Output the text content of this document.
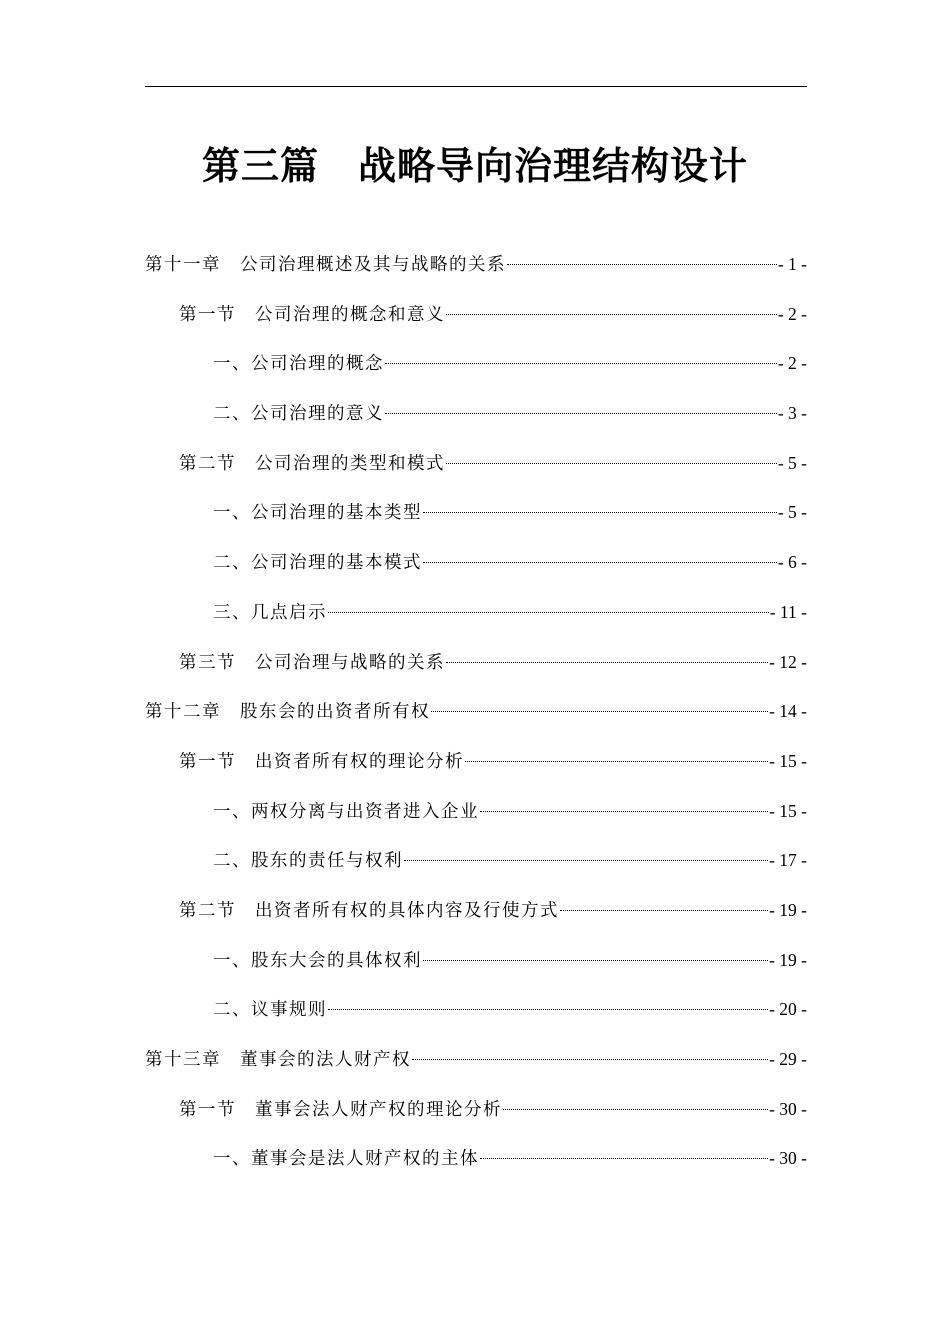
第三篇　战略导向治理结构设计
第十一章　公司治理概述及其与战略的关系	- 1 -
第一节　公司治理的概念和意义	- 2 -
一、公司治理的概念	- 2 -
二、公司治理的意义	- 3 -
第二节　公司治理的类型和模式	- 5 -
一、公司治理的基本类型	- 5 -
二、公司治理的基本模式	- 6 -
三、几点启示	- 11 -
第三节　公司治理与战略的关系	- 12 -
第十二章　股东会的出资者所有权	- 14 -
第一节　出资者所有权的理论分析	- 15 -
一、两权分离与出资者进入企业	- 15 -
二、股东的责任与权利	- 17 -
第二节　出资者所有权的具体内容及行使方式	- 19 -
一、股东大会的具体权利	- 19 -
二、议事规则	- 20 -
第十三章　董事会的法人财产权	- 29 -
第一节　董事会法人财产权的理论分析	- 30 -
一、董事会是法人财产权的主体	- 30 -
